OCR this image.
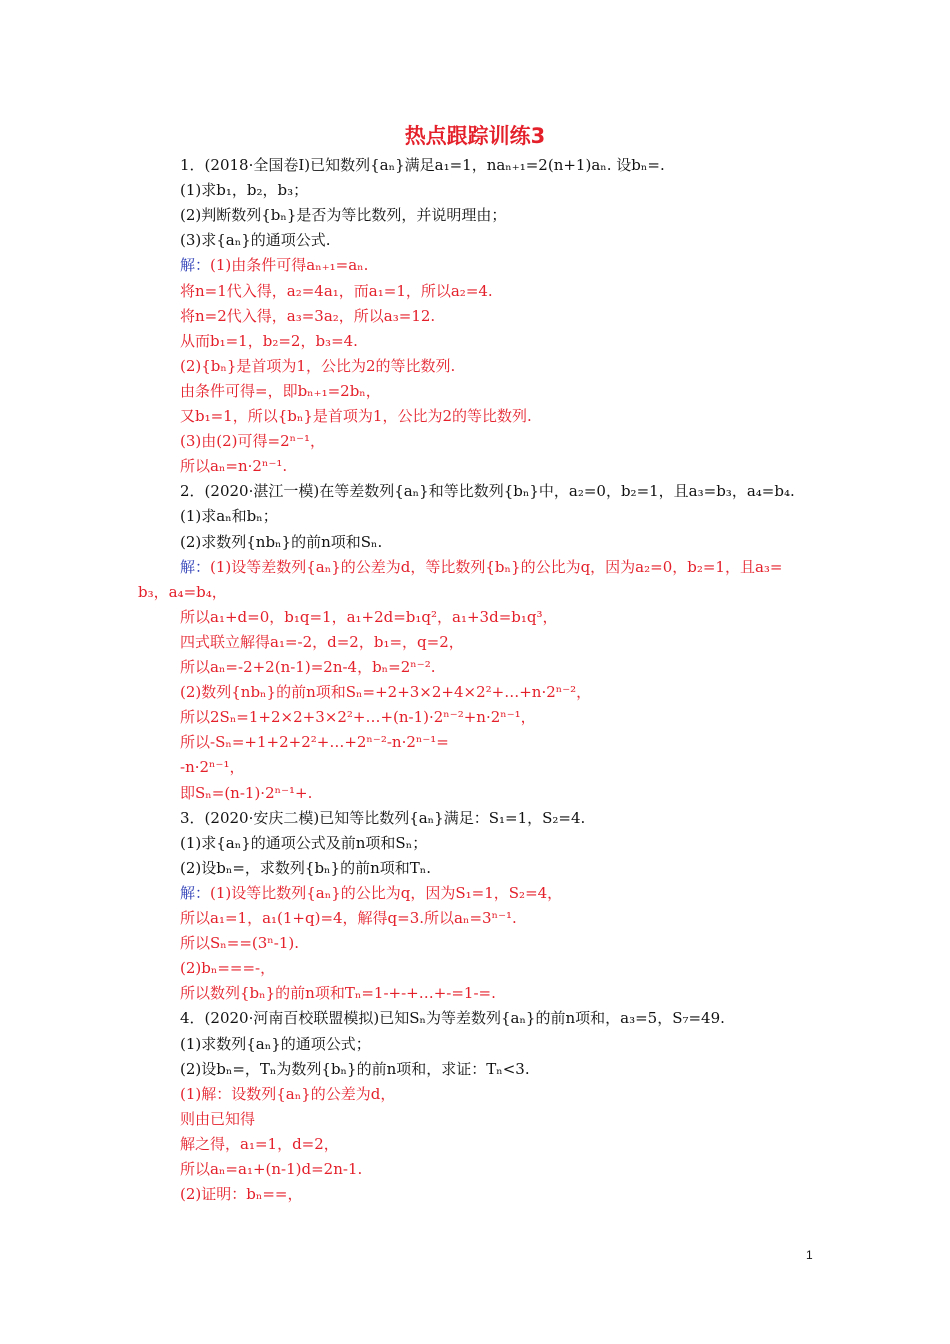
热点跟踪训练3
1．(2018·全国卷Ⅰ)已知数列{aₙ}满足a₁=1，naₙ₊₁=2(n+1)aₙ. 设bₙ=.
(1)求b₁，b₂，b₃；
(2)判断数列{bₙ}是否为等比数列，并说明理由；
(3)求{aₙ}的通项公式.
解：(1)由条件可得aₙ₊₁=aₙ.
将n=1代入得，a₂=4a₁，而a₁=1，所以a₂=4.
将n=2代入得，a₃=3a₂，所以a₃=12.
从而b₁=1，b₂=2，b₃=4.
(2){bₙ}是首项为1，公比为2的等比数列.
由条件可得=，即bₙ₊₁=2bₙ，
又b₁=1，所以{bₙ}是首项为1，公比为2的等比数列.
(3)由(2)可得=2ⁿ⁻¹，
所以aₙ=n·2ⁿ⁻¹.
2．(2020·湛江一模)在等差数列{aₙ}和等比数列{bₙ}中，a₂=0，b₂=1，且a₃=b₃，a₄=b₄.
(1)求aₙ和bₙ；
(2)求数列{nbₙ}的前n项和Sₙ.
解：(1)设等差数列{aₙ}的公差为d，等比数列{bₙ}的公比为q，因为a₂=0，b₂=1，且a₃=
b₃，a₄=b₄，
所以a₁+d=0，b₁q=1，a₁+2d=b₁q²，a₁+3d=b₁q³，
四式联立解得a₁=-2，d=2，b₁=，q=2，
所以aₙ=-2+2(n-1)=2n-4，bₙ=2ⁿ⁻².
(2)数列{nbₙ}的前n项和Sₙ=+2+3×2+4×2²+…+n·2ⁿ⁻²，
所以2Sₙ=1+2×2+3×2²+…+(n-1)·2ⁿ⁻²+n·2ⁿ⁻¹，
所以-Sₙ=+1+2+2²+…+2ⁿ⁻²-n·2ⁿ⁻¹=
-n·2ⁿ⁻¹，
即Sₙ=(n-1)·2ⁿ⁻¹+.
3．(2020·安庆二模)已知等比数列{aₙ}满足：S₁=1，S₂=4.
(1)求{aₙ}的通项公式及前n项和Sₙ；
(2)设bₙ=，求数列{bₙ}的前n项和Tₙ.
解：(1)设等比数列{aₙ}的公比为q，因为S₁=1，S₂=4，
所以a₁=1，a₁(1+q)=4，解得q=3.所以aₙ=3ⁿ⁻¹.
所以Sₙ==(3ⁿ-1).
(2)bₙ===-，
所以数列{bₙ}的前n项和Tₙ=1-+-+…+-=1-=.
4．(2020·河南百校联盟模拟)已知Sₙ为等差数列{aₙ}的前n项和，a₃=5，S₇=49.
(1)求数列{aₙ}的通项公式；
(2)设bₙ=，Tₙ为数列{bₙ}的前n项和，求证：Tₙ<3.
(1)解：设数列{aₙ}的公差为d，
则由已知得
解之得，a₁=1，d=2，
所以aₙ=a₁+(n-1)d=2n-1.
(2)证明：bₙ==，
1
